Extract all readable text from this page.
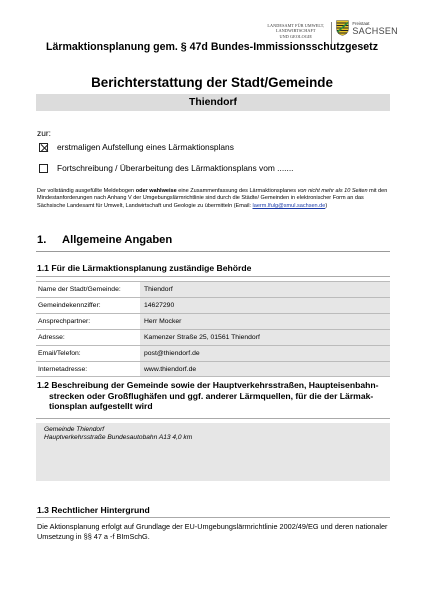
LANDESAMT FÜR UMWELT,
LANDWIRTSCHAFT
UND GEOLOGIE
Freistaat
SACHSEN
Lärmaktionsplanung gem. § 47d Bundes-Immissionsschutzgesetz
Berichterstattung der Stadt/Gemeinde
Thiendorf
zur:
erstmaligen Aufstellung eines Lärmaktionsplans
Fortschreibung / Überarbeitung des Lärmaktionsplans vom .......
Der vollständig ausgefüllte Meldebogen oder wahlweise eine Zusammenfassung des Lärmaktionsplanes von nicht mehr als 10 Seiten mit den Mindestanforderungen nach Anhang V der Umgebungslärmrichtlinie sind durch die Städte/ Gemeinden in elektronischer Form an das Sächsische Landesamt für Umwelt, Landwirtschaft und Geologie zu übermitteln (Email: laerm.lfulg@smul.sachsen.de)
1.	Allgemeine Angaben
1.1 Für die Lärmaktionsplanung zuständige Behörde
Name der Stadt/Gemeinde:	Thiendorf
Gemeindekennziffer:	14627290
Ansprechpartner:	Herr Mocker
Adresse:	Kamenzer Straße 25, 01561 Thiendorf
Email/Telefon:	post@thiendorf.de
Internetadresse:	www.thiendorf.de
1.2 Beschreibung der Gemeinde sowie der Hauptverkehrsstraßen, Haupteisenbahn-
strecken oder Großflughäfen und ggf. anderer Lärmquellen, für die der Lärmak-
tionsplan aufgestellt wird
Gemeinde Thiendorf
Hauptverkehrsstraße Bundesautobahn A13 4,0 km
1.3 Rechtlicher Hintergrund
Die Aktionsplanung erfolgt auf Grundlage der EU-Umgebungslärmrichtlinie 2002/49/EG und deren nationaler Umsetzung in §§ 47 a -f BImSchG.
